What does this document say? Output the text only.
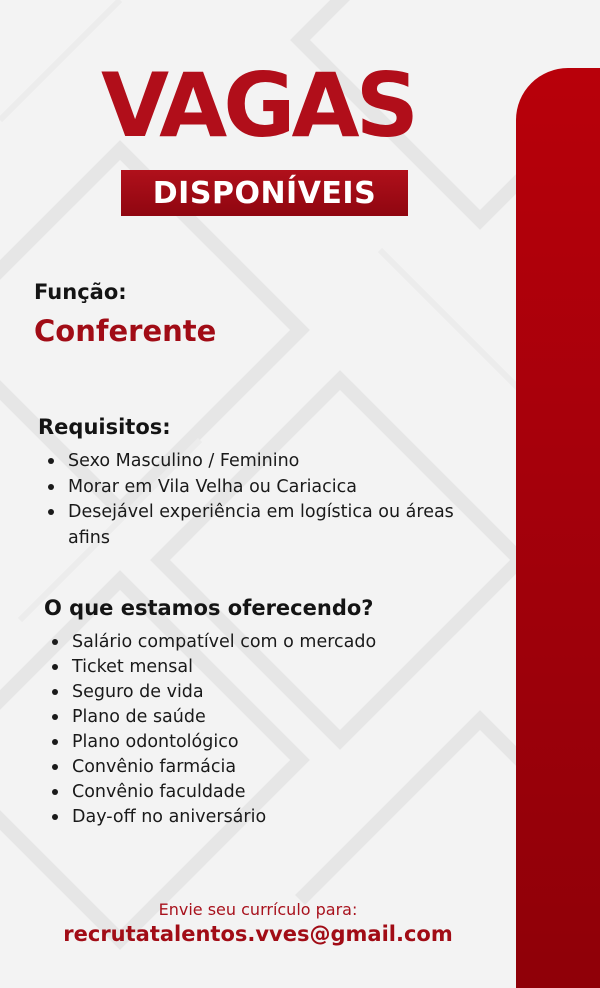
VAGAS
DISPONÍVEIS
Função:
Conferente
Requisitos:
Sexo Masculino / Feminino
Morar em Vila Velha ou Cariacica
Desejável experiência em logística ou áreas afins
O que estamos oferecendo?
Salário compatível com o mercado
Ticket mensal
Seguro de vida
Plano de saúde
Plano odontológico
Convênio farmácia
Convênio faculdade
Day-off no aniversário
Envie seu currículo para:
recrutatalentos.vves@gmail.com
